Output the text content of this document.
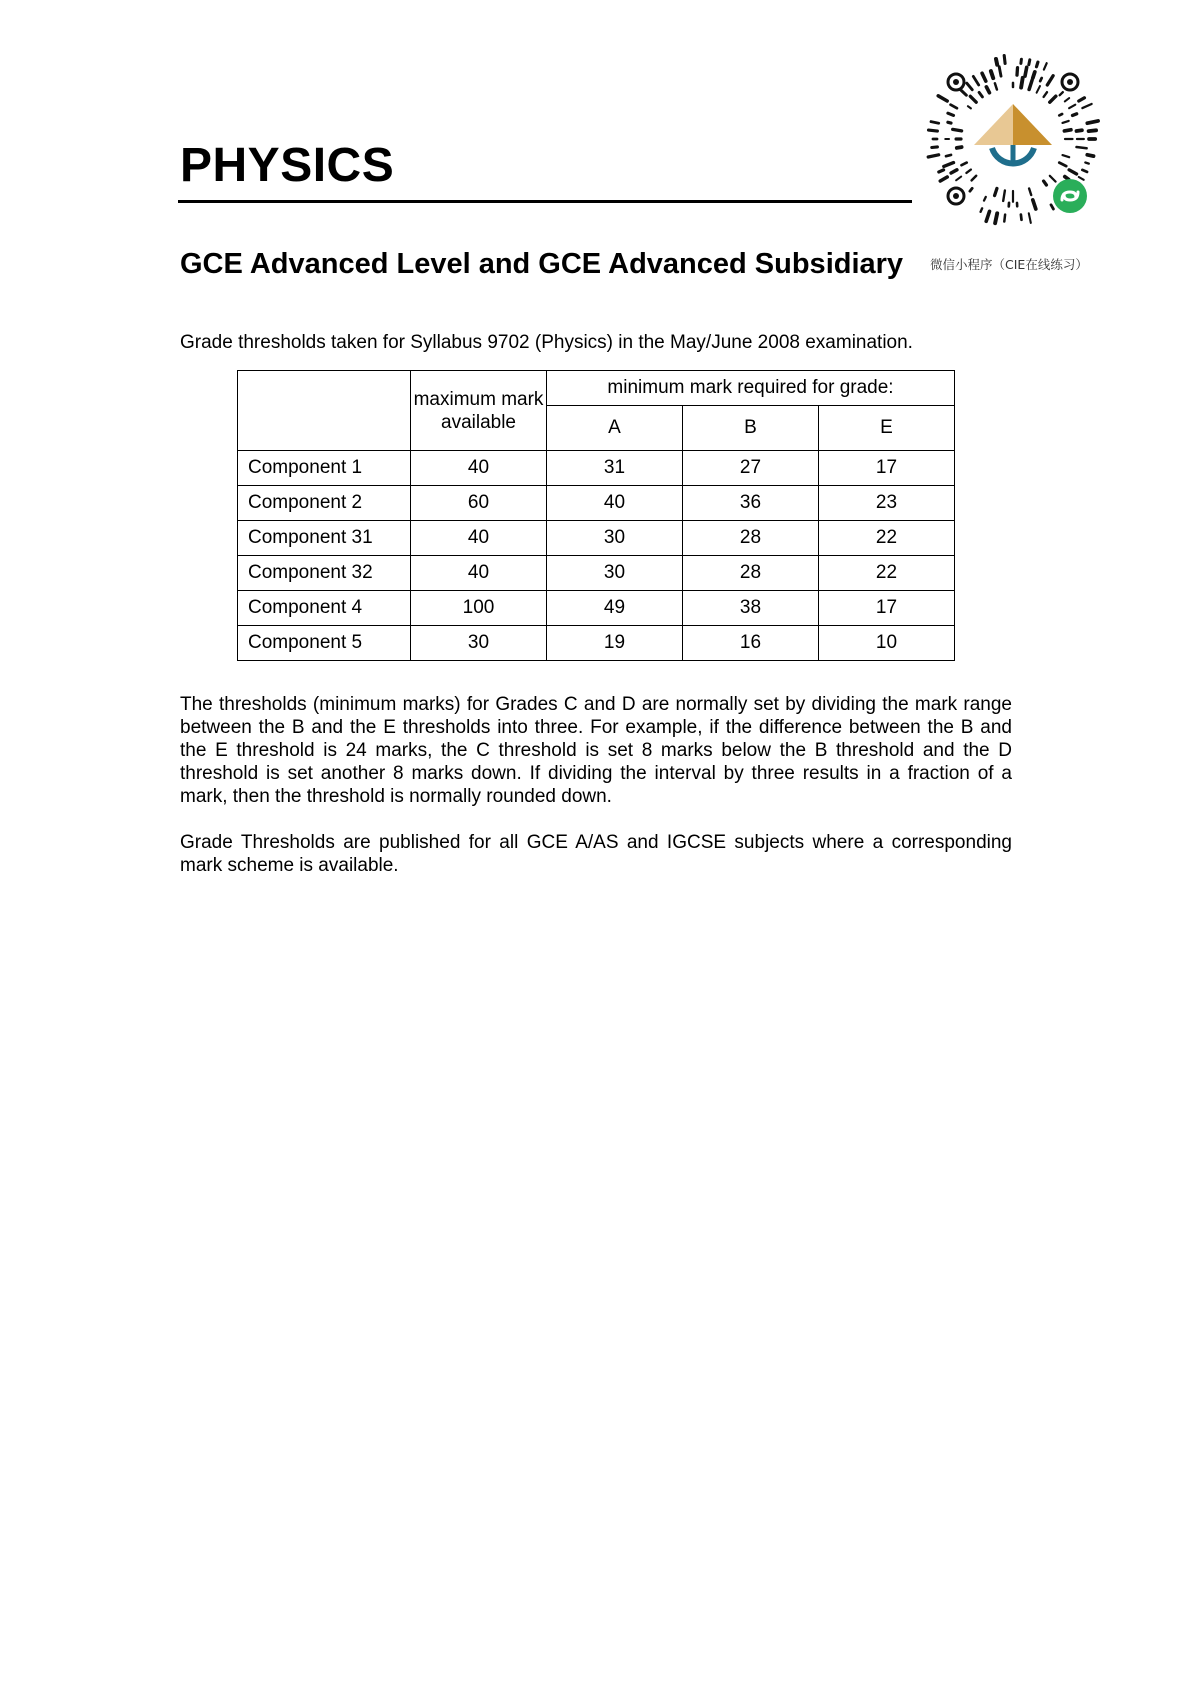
PHYSICS
微信小程序（CIE在线练习）
GCE Advanced Level and GCE Advanced Subsidiary

Grade thresholds taken for Syllabus 9702 (Physics) in the May/June 2008 examination.

	maximum mark available	minimum mark required for grade:		
		A	B	E
Component 1	40	31	27	17
Component 2	60	40	36	23
Component 31	40	30	28	22
Component 32	40	30	28	22
Component 4	100	49	38	17
Component 5	30	19	16	10

The thresholds (minimum marks) for Grades C and D are normally set by dividing the mark range between the B and the E thresholds into three. For example, if the difference between the B and the E threshold is 24 marks, the C threshold is set 8 marks below the B threshold and the D threshold is set another 8 marks down. If dividing the interval by three results in a fraction of a mark, then the threshold is normally rounded down.

Grade Thresholds are published for all GCE A/AS and IGCSE subjects where a corresponding mark scheme is available.
